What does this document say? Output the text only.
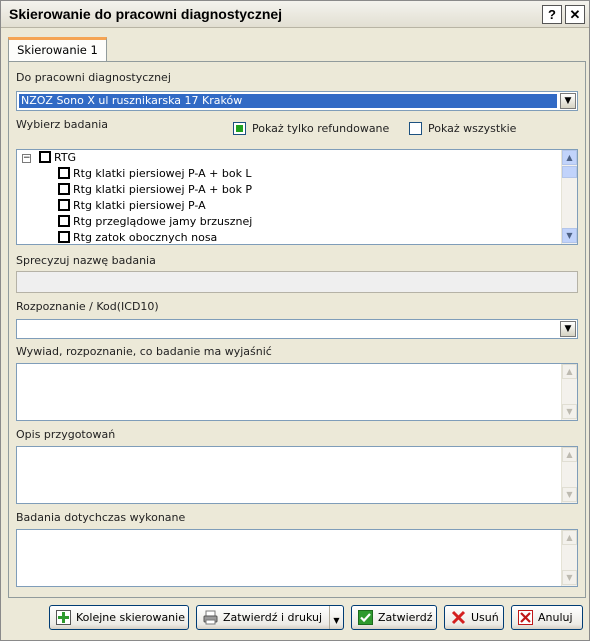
Skierowanie do pracowni diagnostycznej	?	✕
Skierowanie 1
Do pracowni diagnostycznej
NZOZ Sono X ul rusznikarska 17 Kraków	▼
Wybierz badania	Pokaż tylko refundowane	Pokaż wszystkie
−	RTG
Rtg klatki piersiowej P-A + bok L
Rtg klatki piersiowej P-A + bok P
Rtg klatki piersiowej P-A
Rtg przeglądowe jamy brzusznej
Rtg zatok obocznych nosa
▲
▼
Sprecyzuj nazwę badania
Rozpoznanie / Kod(ICD10)
▼
Wywiad, rozpoznanie, co badanie ma wyjaśnić
▲
▼
Opis przygotowań
▲
▼
Badania dotychczas wykonane
▲
▼
Kolejne skierowanie	Zatwierdź i drukuj	▼	Zatwierdź	Usuń	Anuluj
